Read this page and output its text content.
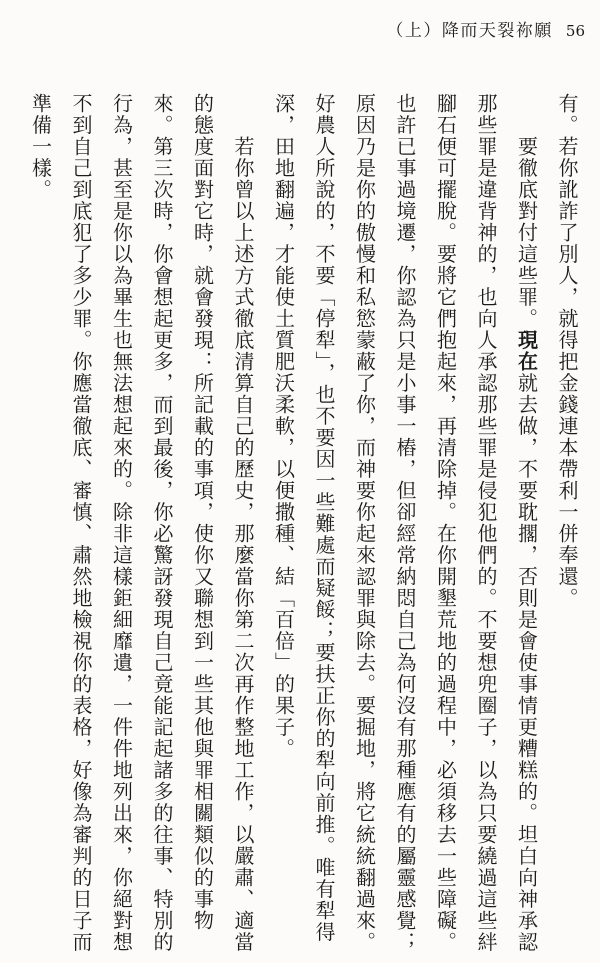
（上）降而天裂祢願 56

有。若你訛詐了別人，就得把金錢連本帶利一併奉還。

要徹底對付這些罪。現在就去做，不要耽擱，否則是會使事情更糟糕的。坦白向神承認那些罪是違背神的，也向人承認那些罪是侵犯他們的。不要想兜圈子，以為只要繞過這些絆腳石便可擺脫。要將它們抱起來，再清除掉。在你開墾荒地的過程中，必須移去一些障礙。也許已事過境遷，你認為只是小事一樁，但卻經常納悶自己為何沒有那種應有的屬靈感覺；原因乃是你的傲慢和私慾蒙蔽了你，而神要你起來認罪與除去。要掘地，將它統統翻過來。好農人所說的，不要「停犁」，也不要因一些難處而疑餒；要扶正你的犁向前推。唯有犁得深，田地翻遍，才能使土質肥沃柔軟，以便撒種、結「百倍」的果子。

若你曾以上述方式徹底清算自己的歷史，那麼當你第二次再作整地工作，以嚴肅、適當的態度面對它時，就會發現：所記載的事項，使你又聯想到一些其他與罪相關類似的事物來。第三次時，你會想起更多，而到最後，你必驚訝發現自己竟能記起諸多的往事、特別的行為，甚至是你以為畢生也無法想起來的。除非這樣鉅細靡遺，一件件地列出來，你絕對想不到自己到底犯了多少罪。你應當徹底、審慎、肅然地檢視你的表格，好像為審判的日子而準備一樣。
